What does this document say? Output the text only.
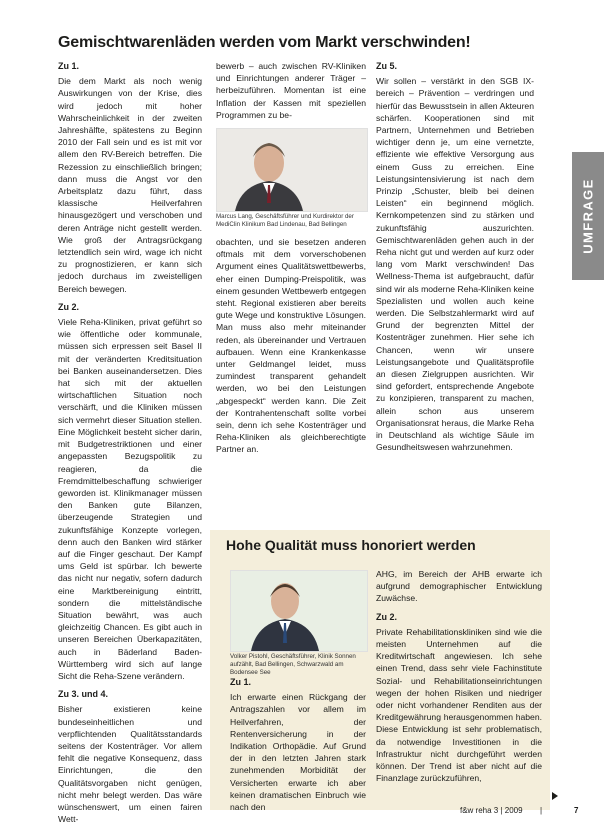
Gemischtwarenläden werden vom Markt verschwinden!
UMFRAGE

Zu 1.

Die dem Markt als noch wenig Auswirkungen von der Krise, dies wird jedoch mit hoher Wahrscheinlichkeit in der zweiten Jahreshälfte, spätestens zu Beginn 2010 der Fall sein und es ist mit vor allem den RV-Bereich betreffen. Die Rezession zu einschließlich bringen; dann muss die Angst vor den Arbeitsplatz dazu führt, dass klassische Heilverfahren hinausgezögert und verschoben und deren Anträge nicht gestellt werden. Wie groß der Antragsrückgang letztendlich sein wird, wage ich nicht zu prognostizieren, er kann sich jedoch durchaus im zweistelligen Bereich bewegen.

Zu 2.

Viele Reha-Kliniken, privat geführt so wie öffentliche oder kommunale, müssen sich erpressen seit Basel II mit der veränderten Kreditsituation bei Banken auseinandersetzen. Dies hat sich mit der aktuellen wirtschaftlichen Situation noch verschärft, und die Kliniken müssen sich vermehrt dieser Situation stellen. Eine Möglichkeit besteht sicher darin, mit Budgetrestriktionen und einer angepassten Bezugspolitik zu reagieren, da die Fremdmittelbeschaffung schwieriger geworden ist. Klinikmanager müssen den Banken gute Bilanzen, überzeugende Strategien und zukunftsfähige Konzepte vorlegen, denn auch den Banken wird stärker auf die Finger geschaut. Der Kampf ums Geld ist spürbar. Ich bewerte das nicht nur negativ, sofern dadurch eine Marktbereinigung eintritt, sondern die mittelständische Situation bewährt, was auch gleichzeitig Chancen. Es gibt auch in unseren Bereichen Überkapazitäten, auch in Bäderland Baden-Württemberg wird sich auf lange Sicht die Reha-Szene verändern.

Zu 3. und 4.

Bisher existieren keine bundeseinheitlichen und verpflichtenden Qualitätsstandards seitens der Kostenträger. Vor allem fehlt die negative Konsequenz, dass Einrichtungen, die den Qualitätsvorgaben nicht genügen, nicht mehr belegt werden. Das wäre wünschenswert, um einen fairen Wett-

bewerb – auch zwischen RV-Kliniken und Einrichtungen anderer Träger – herbeizuführen. Momentan ist eine Inflation der Kassen mit speziellen Programmen zu be-

Marcus Lang, Geschäftsführer und Kurdirektor der MediClin Klinikum Bad Lindenau, Bad Bellingen

obachten, und sie besetzen anderen oftmals mit dem vorverschobenen Argument eines Qualitätswettbewerbs, eher einen Dumping-Preispolitik, was einem gesunden Wettbewerb entgegen steht. Regional existieren aber bereits gute Wege und konstruktive Lösungen. Man muss also mehr miteinander reden, als übereinander und Vertrauen aufbauen. Wenn eine Krankenkasse unter Geldmangel leidet, muss zumindest transparent gehandelt werden, wo bei den Leistungen „abgespeckt“ werden kann. Die Zeit der Kontrahentenschaft sollte vorbei sein, denn ich sehe Kostenträger und Reha-Kliniken als gleichberechtigte Partner an.

Zu 5.

Wir sollen – verstärkt in den SGB IX-bereich – Prävention – verdringen und hierfür das Bewusstsein in allen Akteuren schärfen. Kooperationen sind mit Partnern, Unternehmen und Betrieben wichtiger denn je, um eine vernetzte, effiziente wie effektive Versorgung aus einem Guss zu erreichen. Eine Leistungsintensivierung ist nach dem Prinzip „Schuster, bleib bei deinen Leisten“ ein beginnend möglich. Kernkompetenzen sind zu stärken und zukunftsfähig auszurichten. Gemischtwarenläden gehen auch in der Reha nicht gut und werden auf kurz oder lang vom Markt verschwinden! Das Wellness-Thema ist aufgebraucht, dafür sind wir als moderne Reha-Kliniken keine Spezialisten und wollen auch keine werden. Die Selbstzahlermarkt wird auf Grund der begrenzten Mittel der Kostenträger zunehmen. Hier sehe ich Chancen, wenn wir unsere Leistungsangebote und Qualitätsprofile an diesen Zielgruppen ausrichten. Wir sind gefordert, entsprechende Angebote zu konzipieren, transparent zu machen, allein schon aus unserem Organisationsrat heraus, die Marke Reha in Deutschland als wichtige Säule im Gesundheitswesen wahrzunehmen.

Hohe Qualität muss honoriert werden
Volker Pistohl, Geschäftsführer, Klinik Sonnen aufzählt, Bad Bellingen, Schwarzwald am Bodensee See

Zu 1.

Ich erwarte einen Rückgang der Antragszahlen vor allem im Heilverfahren, der Rentenversicherung in der Indikation Orthopädie. Auf Grund der in den letzten Jahren stark zunehmenden Morbidität der Versicherten erwarte ich aber keinen dramatischen Einbruch wie nach den

AHG, im Bereich der AHB erwarte ich aufgrund demographischer Entwicklung Zuwächse.

Zu 2.

Private Rehabilitationskliniken sind wie die meisten Unternehmen auf die Kreditwirtschaft angewiesen. Ich sehe einen Trend, dass sehr viele Fachinstitute Sozial- und Rehabilitationseinrichtungen wegen der hohen Risiken und niedriger oder nicht vorhandener Renditen aus der Kreditgewährung herausgenommen haben. Diese Entwicklung ist sehr problematisch, da notwendige Investitionen in die Infrastruktur nicht durchgeführt werden können. Der Trend ist aber nicht auf die Finanzlage zurückzuführen,

f&w reha 3 | 2009 |	7
